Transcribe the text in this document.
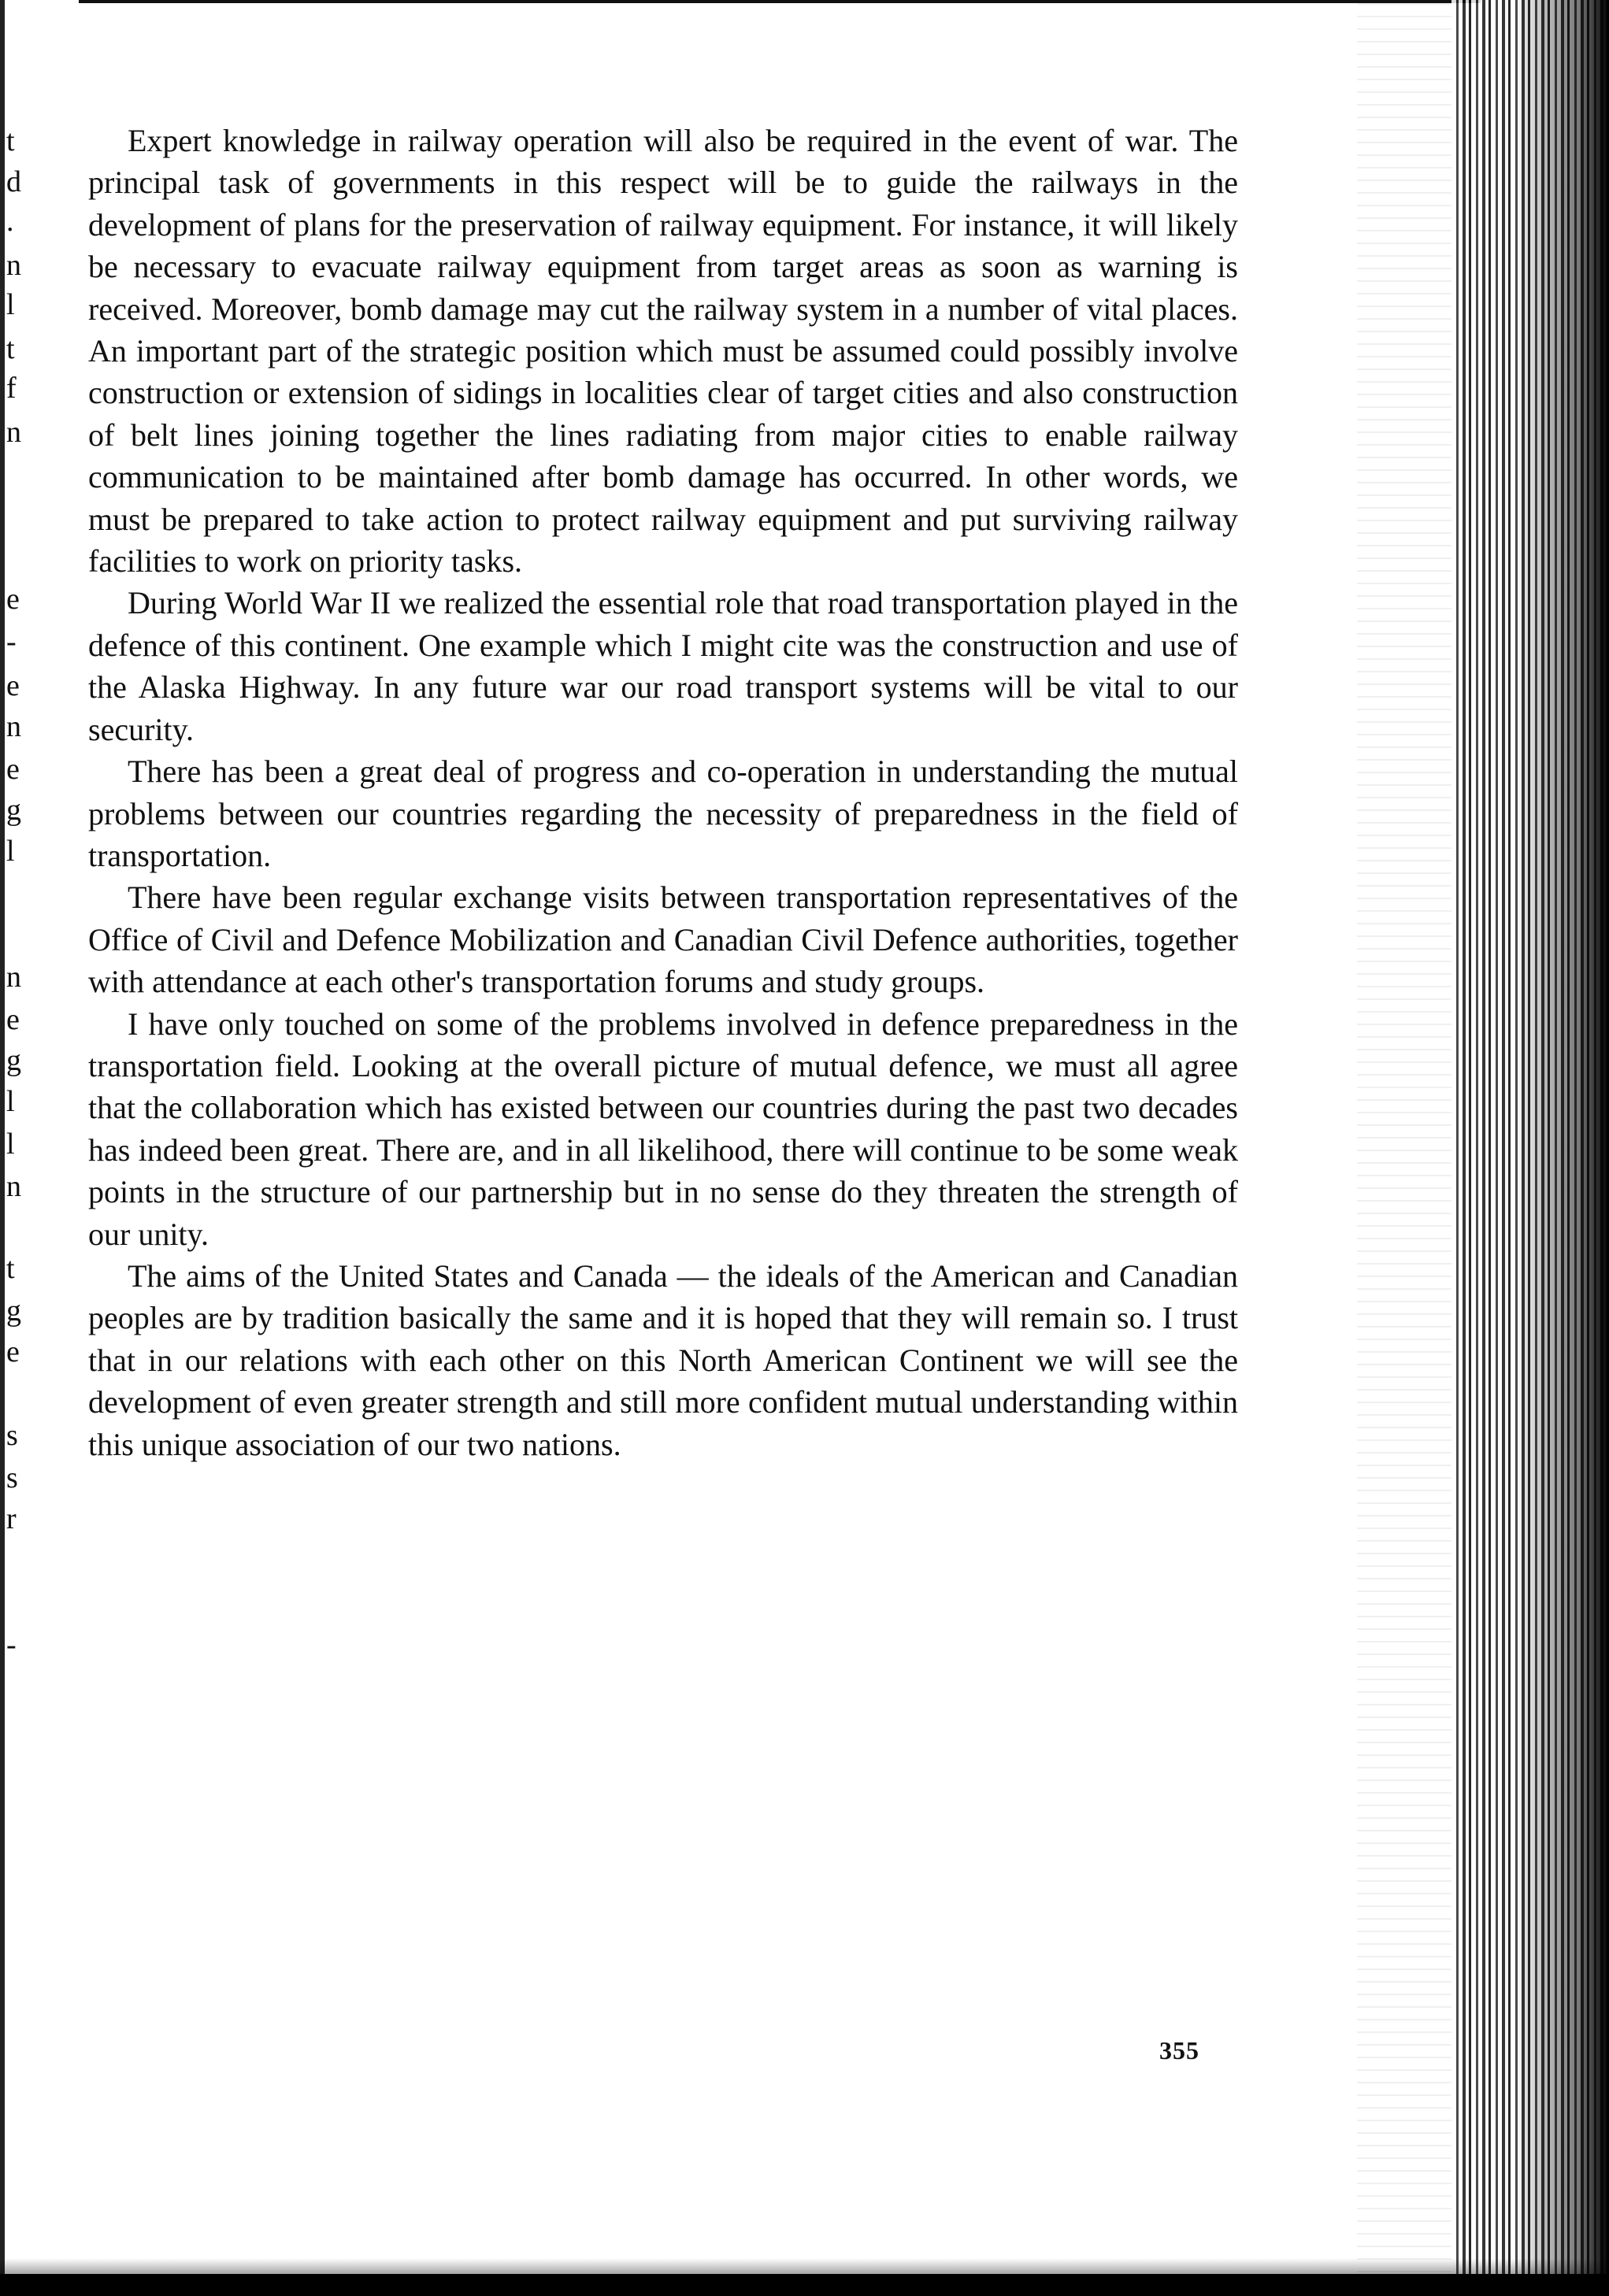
t
d
.
n
l
t
f
n
e
-
e
n
e
g
l
n
e
g
l
l
n
t
g
e
s
s
r
-

Expert knowledge in railway operation will also be required in the event of war. The principal task of governments in this respect will be to guide the railways in the development of plans for the preservation of railway equipment. For instance, it will likely be necessary to evacuate railway equipment from target areas as soon as warning is received. Moreover, bomb damage may cut the railway system in a number of vital places. An important part of the strategic position which must be assumed could possibly involve construction or extension of sidings in localities clear of target cities and also construction of belt lines joining together the lines radiating from major cities to enable railway communication to be maintained after bomb damage has occurred. In other words, we must be prepared to take action to protect railway equipment and put surviving railway facilities to work on priority tasks.

During World War II we realized the essential role that road transportation played in the defence of this continent. One example which I might cite was the construction and use of the Alaska Highway. In any future war our road transport systems will be vital to our security.

There has been a great deal of progress and co-operation in understanding the mutual problems between our countries regarding the necessity of preparedness in the field of transportation.

There have been regular exchange visits between transportation representatives of the Office of Civil and Defence Mobilization and Canadian Civil Defence authorities, together with attendance at each other's transportation forums and study groups.

I have only touched on some of the problems involved in defence preparedness in the transportation field. Looking at the overall picture of mutual defence, we must all agree that the collaboration which has existed between our countries during the past two decades has indeed been great. There are, and in all likelihood, there will continue to be some weak points in the structure of our partnership but in no sense do they threaten the strength of our unity.

The aims of the United States and Canada — the ideals of the American and Canadian peoples are by tradition basically the same and it is hoped that they will remain so. I trust that in our relations with each other on this North American Continent we will see the development of even greater strength and still more confident mutual understanding within this unique association of our two nations.

355
